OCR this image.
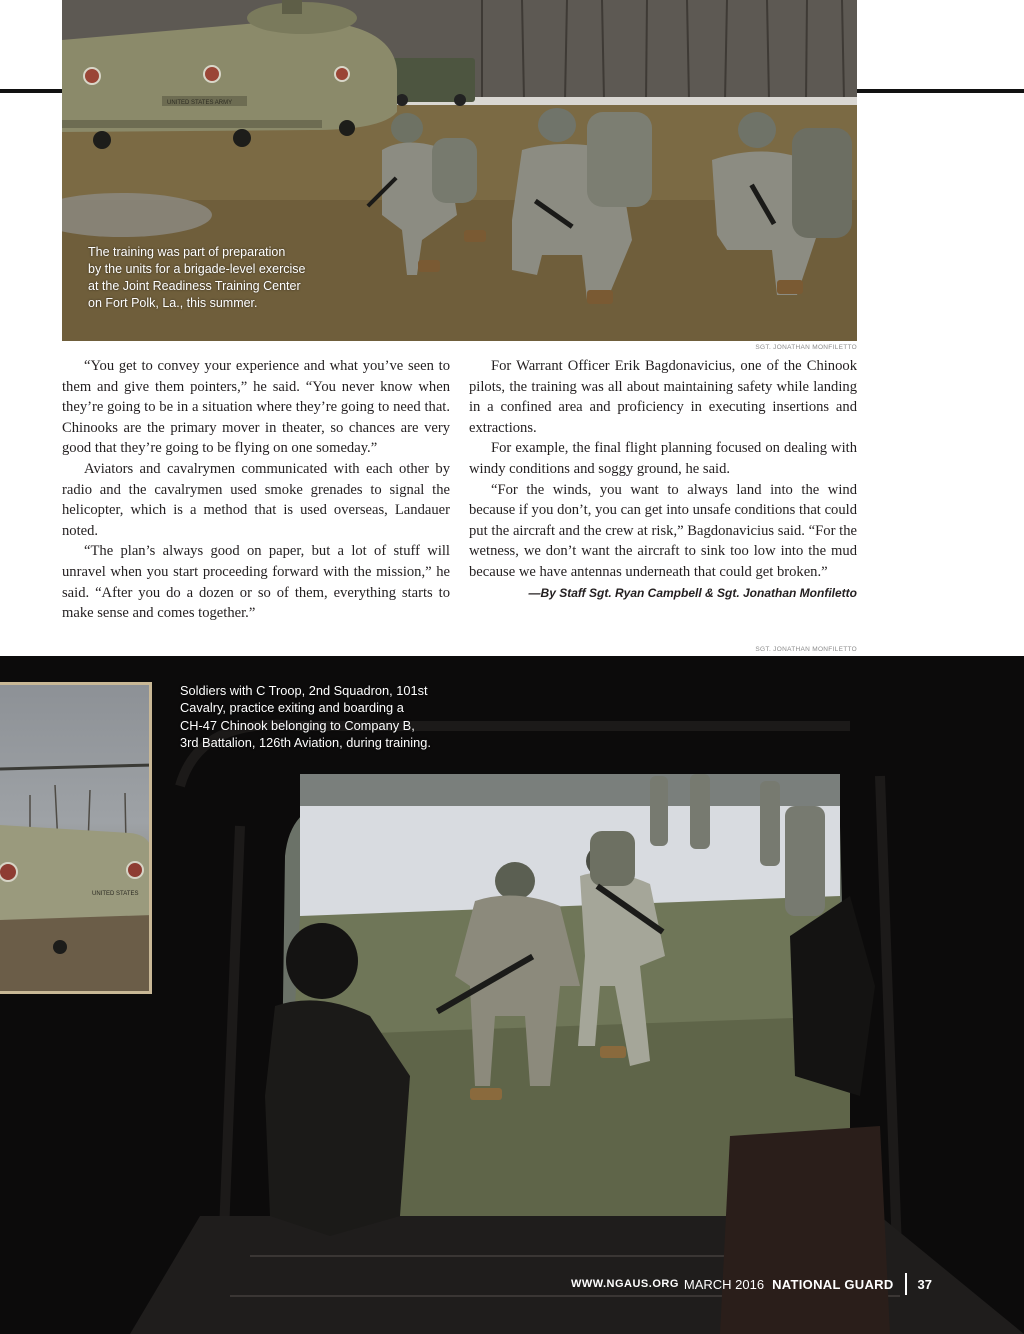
UNITED STATES ARMY
The training was part of preparation
by the units for a brigade-level exercise
at the Joint Readiness Training Center
on Fort Polk, La., this summer.
SGT. JONATHAN MONFILETTO

“You get to convey your experience and what you’ve seen to them and give them pointers,” he said. “You never know when they’re going to be in a situation where they’re going to need that. Chinooks are the primary mover in theater, so chances are very good that they’re going to be flying on one someday.”

Aviators and cavalrymen communicated with each other by radio and the cavalrymen used smoke grenades to signal the helicopter, which is a method that is used overseas, Landauer noted.

“The plan’s always good on paper, but a lot of stuff will unravel when you start proceeding forward with the mission,” he said. “After you do a dozen or so of them, everything starts to make sense and comes together.”

For Warrant Officer Erik Bagdonavicius, one of the Chinook pilots, the training was all about maintaining safety while landing in a confined area and proficiency in executing insertions and extractions.

For example, the final flight planning focused on dealing with windy conditions and soggy ground, he said.

“For the winds, you want to always land into the wind because if you don’t, you can get into unsafe conditions that could put the aircraft and the crew at risk,” Bagdonavicius said. “For the wetness, we don’t want the aircraft to sink too low into the mud because we have antennas underneath that could get broken.”

—By Staff Sgt. Ryan Campbell & Sgt. Jonathan Monfiletto

SGT. JONATHAN MONFILETTO
UNITED STATES
Soldiers with C Troop, 2nd Squadron, 101st
Cavalry, practice exiting and boarding a
CH-47 Chinook belonging to Company B,
3rd Battalion, 126th Aviation, during training.
WWW.NGAUS.ORG MARCH 2016 NATIONAL GUARD 37
